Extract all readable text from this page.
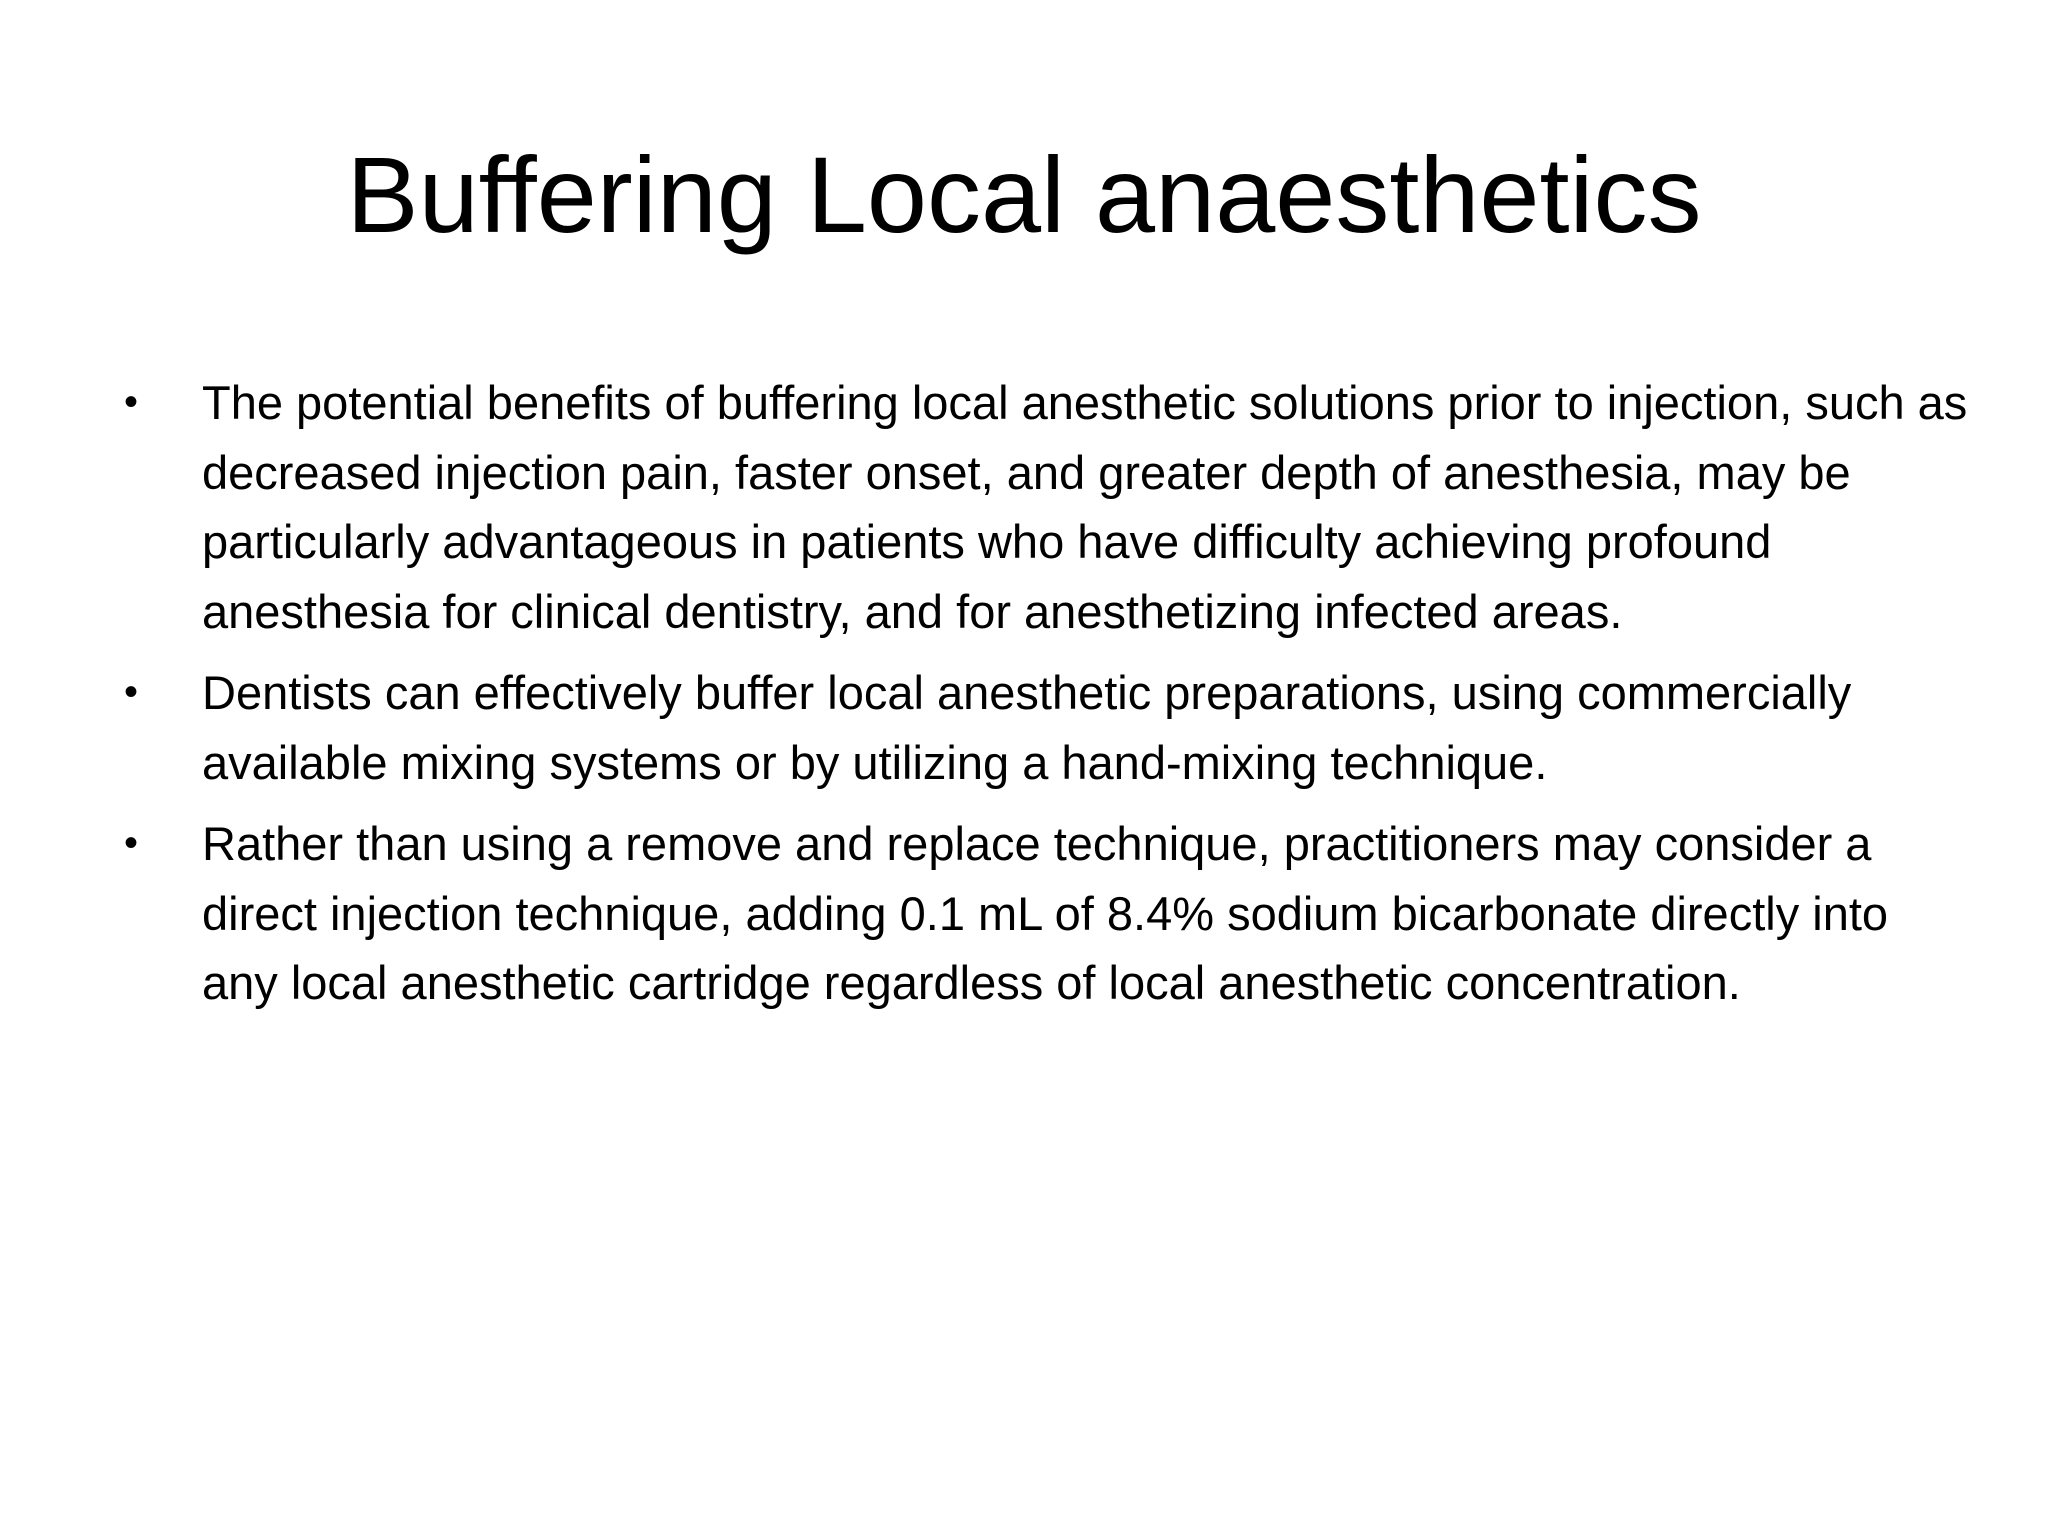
Buffering Local anaesthetics
• The potential benefits of buffering local anesthetic solutions prior to injection, such as decreased injection pain, faster onset, and greater depth of anesthesia, may be particularly advantageous in patients who have difficulty achieving profound anesthesia for clinical dentistry, and for anesthetizing infected areas.
• Dentists can effectively buffer local anesthetic preparations, using commercially available mixing systems or by utilizing a hand-mixing technique.
• Rather than using a remove and replace technique, practitioners may consider a direct injection technique, adding 0.1 mL of 8.4% sodium bicarbonate directly into any local anesthetic cartridge regardless of local anesthetic concentration.
